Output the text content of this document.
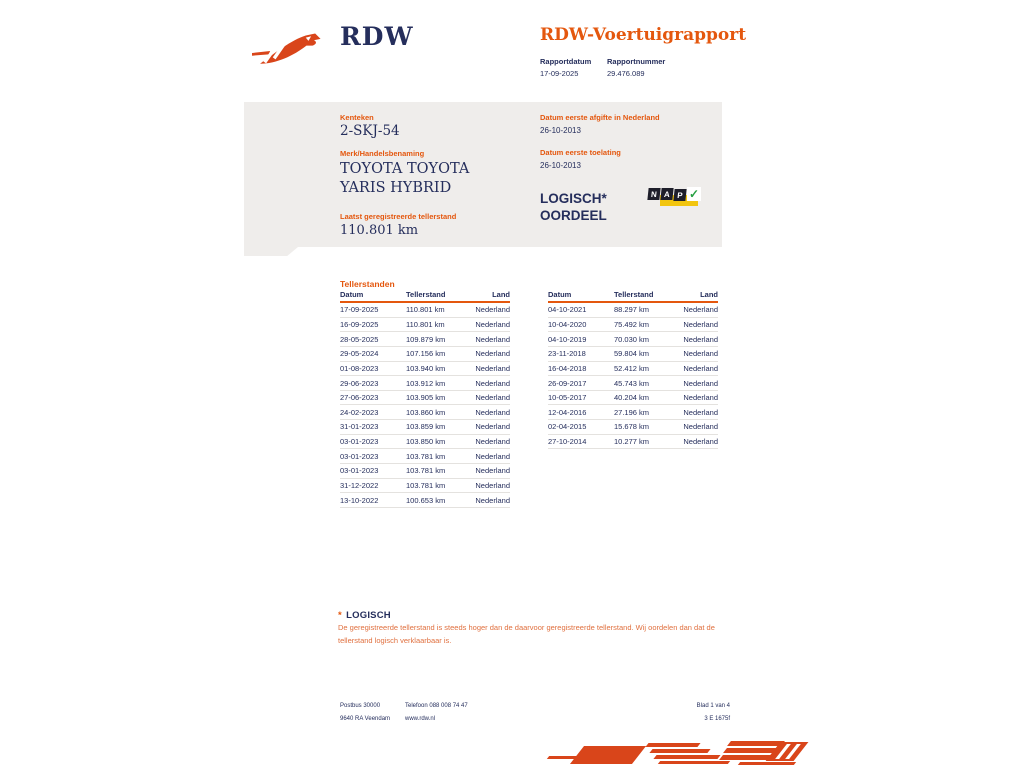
RDW	RDW-Voertuigrapport
Rapportdatum Rapportnummer
17-09-2025	29.476.089
Kenteken
2-SKJ-54
Merk/Handelsbenaming
TOYOTA TOYOTA YARIS HYBRID
Laatst geregistreerde tellerstand
110.801 km
Datum eerste afgifte in Nederland
26-10-2013
Datum eerste toelating
26-10-2013
LOGISCH* OORDEEL
N A P ✓
Tellerstanden
Datum	Tellerstand	Land
17-09-2025	110.801 km	Nederland
16-09-2025	110.801 km	Nederland
28-05-2025	109.879 km	Nederland
29-05-2024	107.156 km	Nederland
01-08-2023	103.940 km	Nederland
29-06-2023	103.912 km	Nederland
27-06-2023	103.905 km	Nederland
24-02-2023	103.860 km	Nederland
31-01-2023	103.859 km	Nederland
03-01-2023	103.850 km	Nederland
03-01-2023	103.781 km	Nederland
03-01-2023	103.781 km	Nederland
31-12-2022	103.781 km	Nederland
13-10-2022	100.653 km	Nederland
Datum	Tellerstand	Land
04-10-2021	88.297 km	Nederland
10-04-2020	75.492 km	Nederland
04-10-2019	70.030 km	Nederland
23-11-2018	59.804 km	Nederland
16-04-2018	52.412 km	Nederland
26-09-2017	45.743 km	Nederland
10-05-2017	40.204 km	Nederland
12-04-2016	27.196 km	Nederland
02-04-2015	15.678 km	Nederland
27-10-2014	10.277 km	Nederland
* LOGISCH
De geregistreerde tellerstand is steeds hoger dan de daarvoor geregistreerde tellerstand. Wij oordelen dan dat de tellerstand logisch verklaarbaar is.
Postbus 30000
9640 RA Veendam
Telefoon 088 008 74 47
www.rdw.nl
Blad 1 van 4
3 E 1675f
